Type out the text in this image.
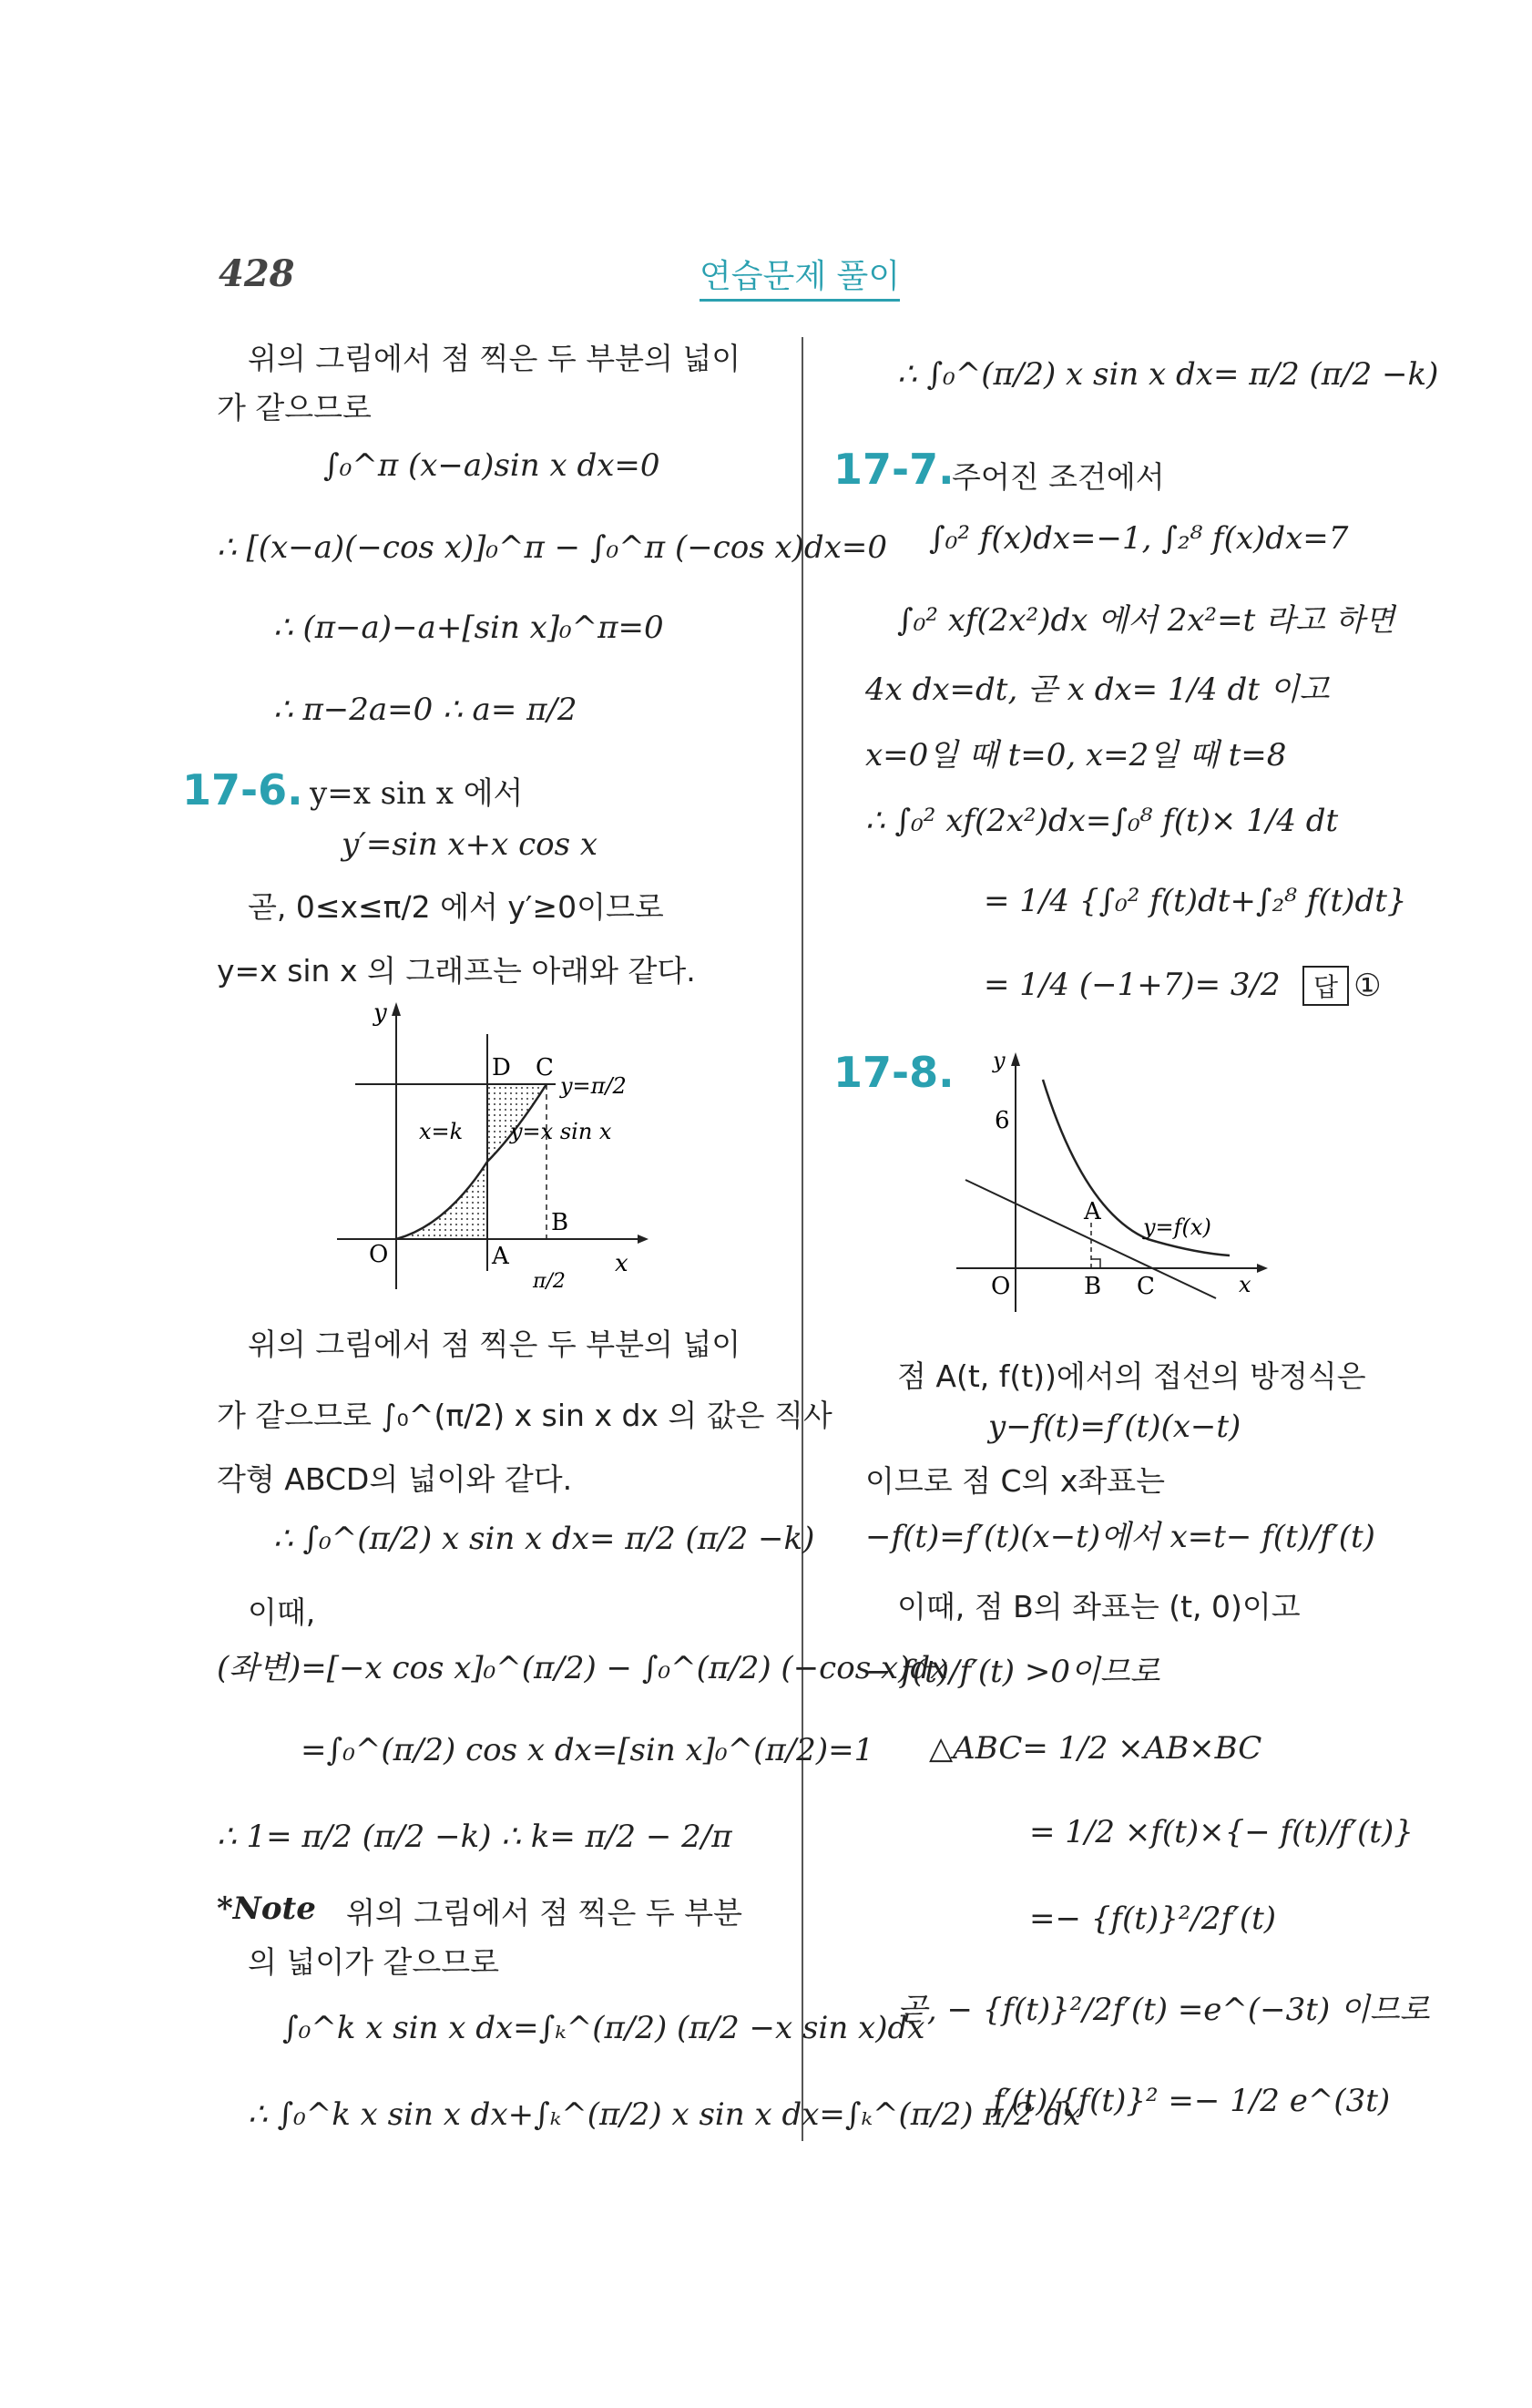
428	연습문제 풀이
위의 그림에서 점 찍은 두 부분의 넓이
가 같으므로
∫₀^π (x−a)sin x dx=0
∴ [(x−a)(−cos x)]₀^π − ∫₀^π (−cos x)dx=0
∴ (π−a)−a+[sin x]₀^π=0
∴ π−2a=0 ∴ a= π/2
17-6. y=x sin x 에서
y′=sin x+x cos x
곧, 0≤x≤π/2 에서 y′≥0이므로
y=x sin x 의 그래프는 아래와 같다.
y
x
O
D C
A
B
y=π/2
y=x sin x
x=k
π/2
위의 그림에서 점 찍은 두 부분의 넓이
가 같으므로 ∫₀^(π/2) x sin x dx 의 값은 직사
각형 ABCD의 넓이와 같다.
∴ ∫₀^(π/2) x sin x dx= π/2 (π/2 −k)
이때,
(좌변)=[−x cos x]₀^(π/2) − ∫₀^(π/2) (−cos x)dx
=∫₀^(π/2) cos x dx=[sin x]₀^(π/2)=1
∴ 1= π/2 (π/2 −k) ∴ k= π/2 − 2/π
*Note 위의 그림에서 점 찍은 두 부분
의 넓이가 같으므로
∫₀^k x sin x dx=∫ₖ^(π/2) (π/2 −x sin x)dx
∴ ∫₀^k x sin x dx+∫ₖ^(π/2) x sin x dx=∫ₖ^(π/2) π/2 dx
∴ ∫₀^(π/2) x sin x dx= π/2 (π/2 −k)
17-7.
주어진 조건에서
∫₀² f(x)dx=−1, ∫₂⁸ f(x)dx=7
∫₀² xf(2x²)dx 에서 2x²=t 라고 하면
4x dx=dt, 곧 x dx= 1/4 dt 이고
x=0일 때 t=0, x=2일 때 t=8
∴ ∫₀² xf(2x²)dx=∫₀⁸ f(t)× 1/4 dt
= 1/4 {∫₀² f(t)dt+∫₂⁸ f(t)dt}
= 1/4 (−1+7)= 3/2	답 ①
17-8. y
x
O
6
A
B C
y=f(x)
점 A(t, f(t))에서의 접선의 방정식은
y−f(t)=f′(t)(x−t)
이므로 점 C의 x좌표는
−f(t)=f′(t)(x−t)에서 x=t− f(t)/f′(t)
이때, 점 B의 좌표는 (t, 0)이고
− f(t)/f′(t) >0이므로
△ABC= 1/2 ×AB×BC
= 1/2 ×f(t)×{− f(t)/f′(t)}
=− {f(t)}²/2f′(t)
곧, − {f(t)}²/2f′(t) =e^(−3t) 이므로
f′(t)/{f(t)}² =− 1/2 e^(3t)
